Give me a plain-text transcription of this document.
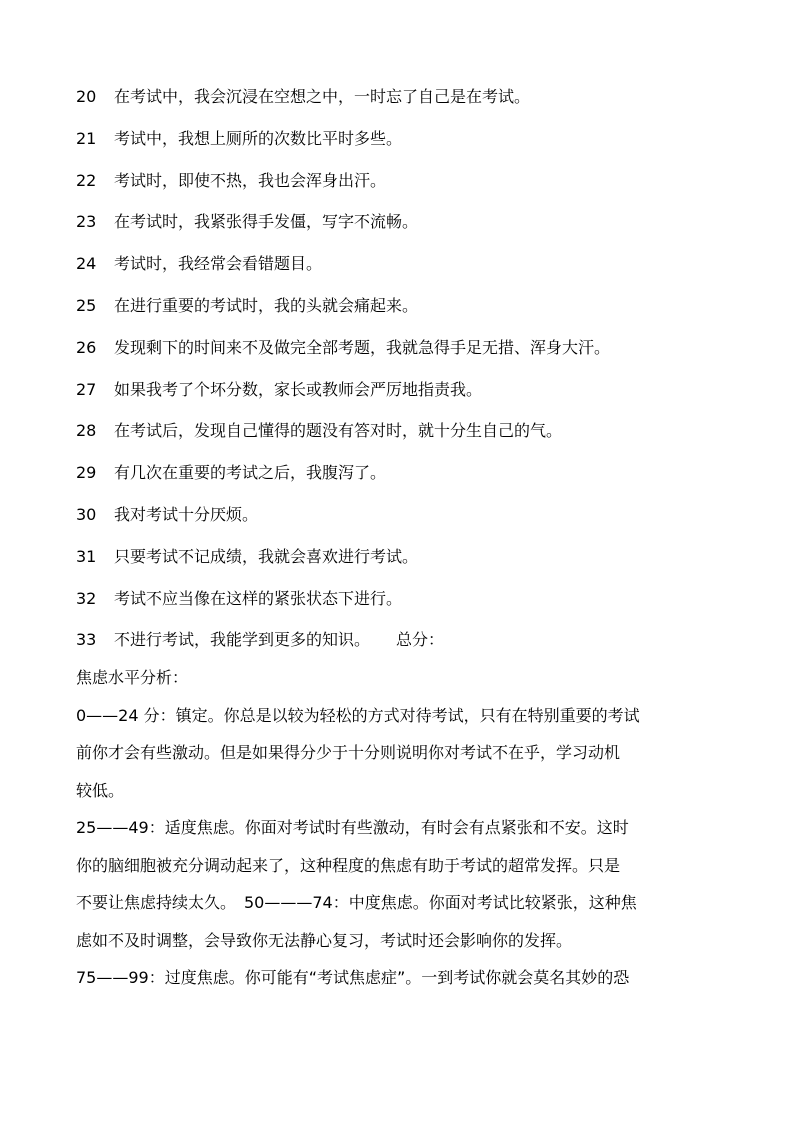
20	在考试中，我会沉浸在空想之中，一时忘了自己是在考试。
21	考试中，我想上厕所的次数比平时多些。
22	考试时，即使不热，我也会浑身出汗。
23	在考试时，我紧张得手发僵，写字不流畅。
24	考试时，我经常会看错题目。
25	在进行重要的考试时，我的头就会痛起来。
26	发现剩下的时间来不及做完全部考题，我就急得手足无措、浑身大汗。
27	如果我考了个坏分数，家长或教师会严厉地指责我。
28	在考试后，发现自己懂得的题没有答对时，就十分生自己的气。
29	有几次在重要的考试之后，我腹泻了。
30	我对考试十分厌烦。
31	只要考试不记成绩，我就会喜欢进行考试。
32	考试不应当像在这样的紧张状态下进行。
33	不进行考试，我能学到更多的知识。 总分：
焦虑水平分析：
0——24 分：镇定。你总是以较为轻松的方式对待考试，只有在特别重要的考试
前你才会有些激动。但是如果得分少于十分则说明你对考试不在乎，学习动机
较低。
25——49：适度焦虑。你面对考试时有些激动，有时会有点紧张和不安。这时
你的脑细胞被充分调动起来了，这种程度的焦虑有助于考试的超常发挥。只是
不要让焦虑持续太久。　50———74：中度焦虑。你面对考试比较紧张，这种焦
虑如不及时调整，会导致你无法静心复习，考试时还会影响你的发挥。
75——99：过度焦虑。你可能有“考试焦虑症”。一到考试你就会莫名其妙的恐
